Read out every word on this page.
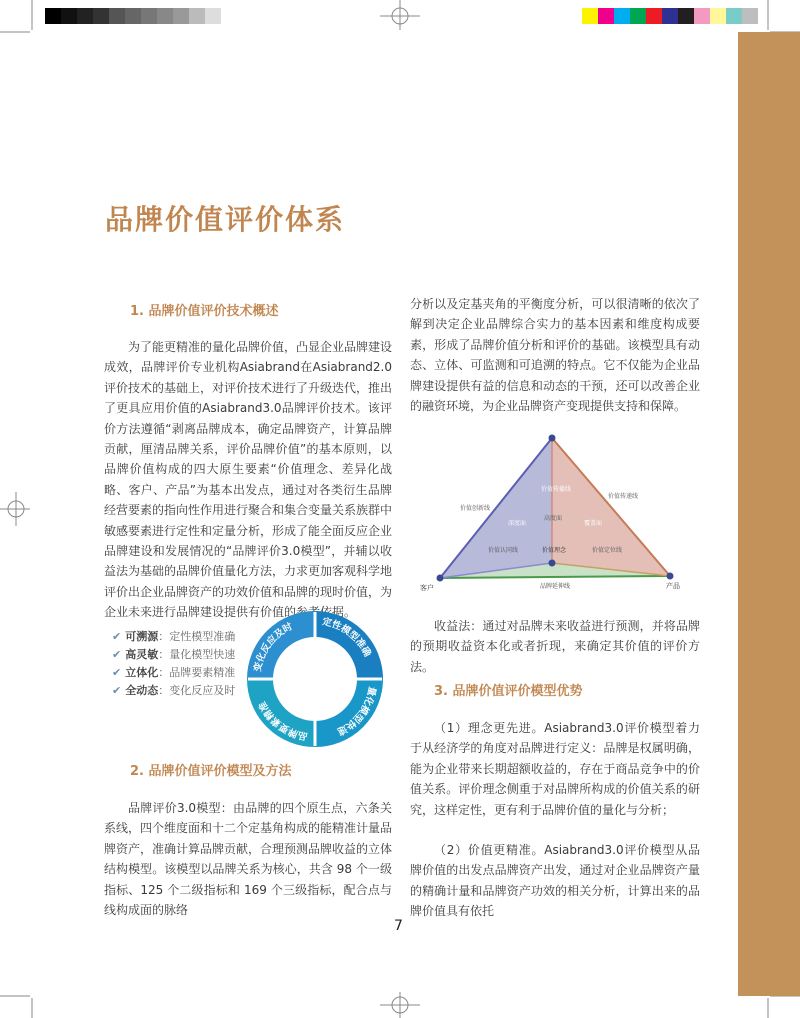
品牌价值评价体系
1. 品牌价值评价技术概述
为了能更精准的量化品牌价值，凸显企业品牌建设成效，品牌评价专业机构Asiabrand在Asiabrand2.0评价技术的基础上，对评价技术进行了升级迭代，推出了更具应用价值的Asiabrand3.0品牌评价技术。该评价方法遵循“剥离品牌成本，确定品牌资产，计算品牌贡献，厘清品牌关系，评价品牌价值”的基本原则，以品牌价值构成的四大原生要素“价值理念、差异化战略、客户、产品”为基本出发点，通过对各类衍生品牌经营要素的指向性作用进行聚合和集合变量关系族群中敏感要素进行定性和定量分析，形成了能全面反应企业品牌建设和发展情况的“品牌评价3.0模型”，并辅以收益法为基础的品牌价值量化方法，力求更加客观科学地评价出企业品牌资产的功效价值和品牌的现时价值，为企业未来进行品牌建设提供有价值的参考依据。
✔ 可溯源：定性模型准确
✔ 高灵敏：量化模型快速
✔ 立体化：品牌要素精准
✔ 全动态：变化反应及时
定性模型准确
量化模型快速
品牌要素精准
变化反应及时
2. 品牌价值评价模型及方法
品牌评价3.0模型：由品牌的四个原生点，六条关系线，四个维度面和十二个定基角构成的能精准计量品牌资产，准确计算品牌贡献，合理预测品牌收益的立体结构模型。该模型以品牌关系为核心，共含 98 个一级指标、125 个二级指标和 169 个三级指标，配合点与线构成面的脉络
分析以及定基夹角的平衡度分析，可以很清晰的依次了解到决定企业品牌综合实力的基本因素和维度构成要素，形成了品牌价值分析和评价的基础。该模型具有动态、立体、可监测和可追溯的特点。它不仅能为企业品牌建设提供有益的信息和动态的干预，还可以改善企业的融资环境，为企业品牌资产变现提供支持和保障。
客户	产品
价值创新线
价值传递线
品牌延伸线
价值传播线
价值理念
价值认同线	价值定位线
深度面
高度面
覆盖面
收益法：通过对品牌未来收益进行预测，并将品牌的预期收益资本化或者折现，来确定其价值的评价方法。
3. 品牌价值评价模型优势
（1）理念更先进。Asiabrand3.0评价模型着力于从经济学的角度对品牌进行定义：品牌是权属明确，能为企业带来长期超额收益的，存在于商品竞争中的价值关系。评价理念侧重于对品牌所构成的价值关系的研究，这样定性，更有利于品牌价值的量化与分析；
（2）价值更精准。Asiabrand3.0评价模型从品牌价值的出发点品牌资产出发，通过对企业品牌资产量的精确计量和品牌资产功效的相关分析，计算出来的品牌价值具有依托
7
